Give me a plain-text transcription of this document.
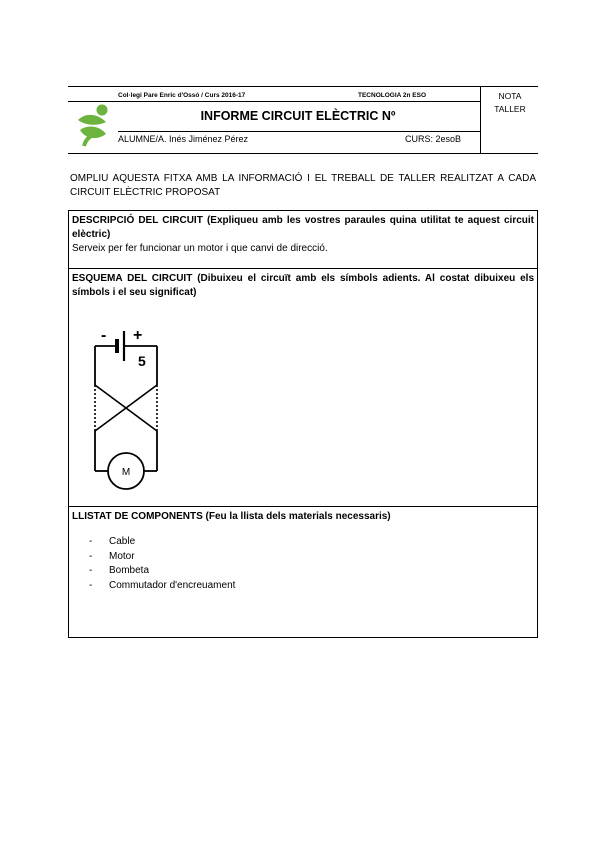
Col·legi Pare Enric d'Ossó / Curs 2016-17	TECNOLOGIA 2n ESO	NOTA
TALLER
INFORME CIRCUIT ELÈCTRIC Nº
ALUMNE/A. Inés Jiménez Pérez	CURS: 2esoB
OMPLIU AQUESTA FITXA AMB LA INFORMACIÓ I EL TREBALL DE TALLER REALITZAT A CADA CIRCUIT ELÈCTRIC PROPOSAT
DESCRIPCIÓ DEL CIRCUIT (Expliqueu amb les vostres paraules quina utilitat te aquest circuit elèctric)
Serveix per fer funcionar un motor i que canvi de direcció.
ESQUEMA DEL CIRCUIT (Dibuixeu el circuït amb els símbols adients. Al costat dibuixeu els símbols i el seu significat)
- +
5
M
LLISTAT DE COMPONENTS (Feu la llista dels materials necessaris)
- Cable
- Motor
- Bombeta
- Commutador d'encreuament
